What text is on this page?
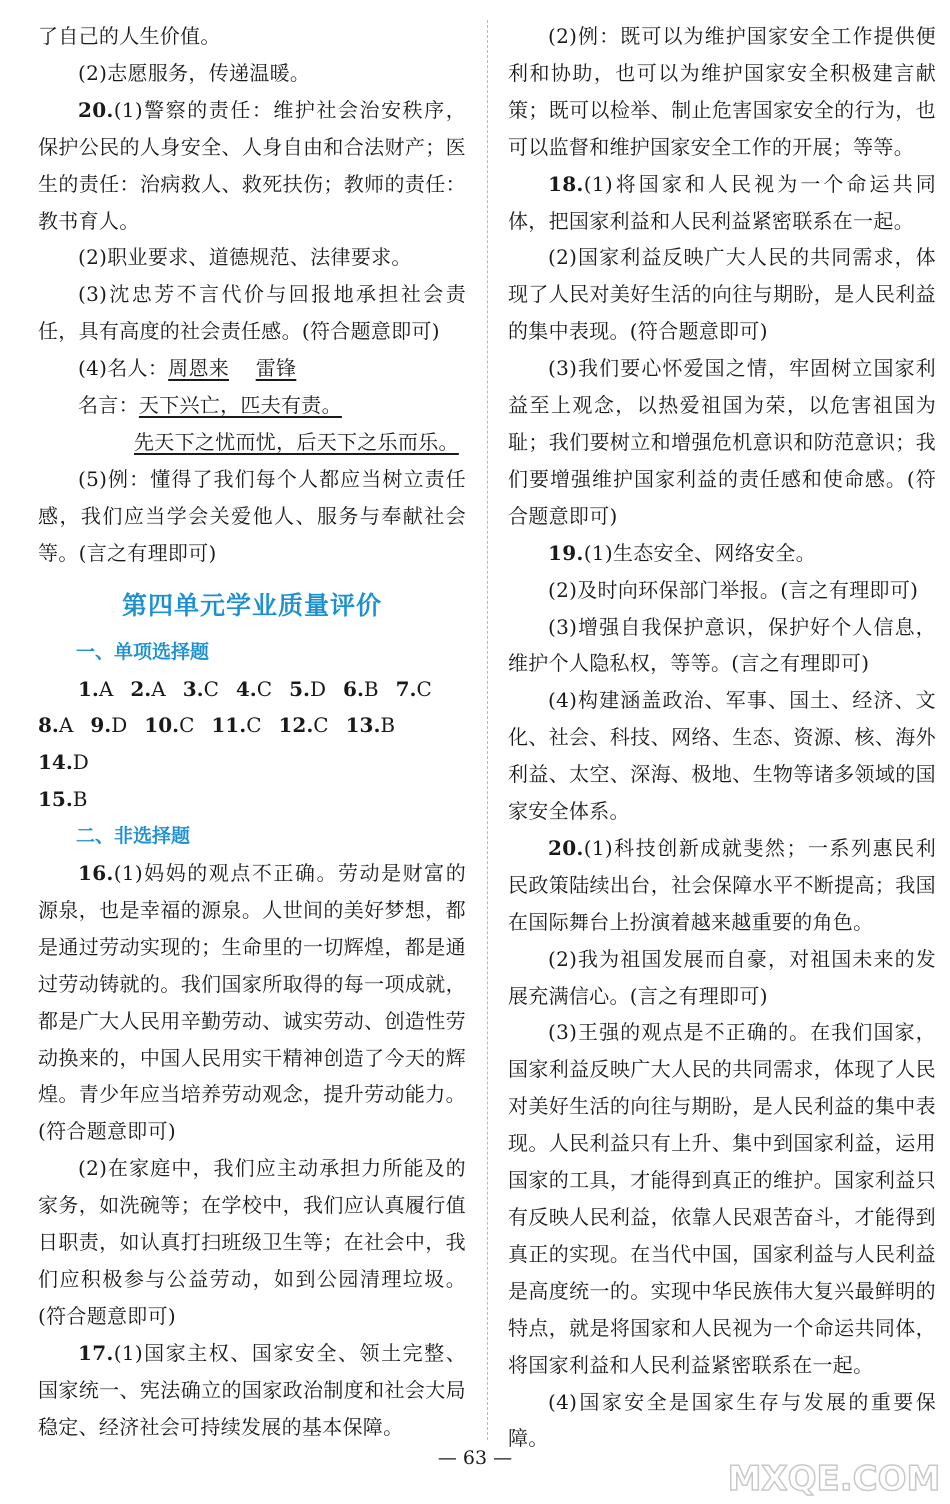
了自己的人生价值。

(2)志愿服务，传递温暖。

20.(1)警察的责任：维护社会治安秩序，保护公民的人身安全、人身自由和合法财产；医生的责任：治病救人、救死扶伤；教师的责任：教书育人。

(2)职业要求、道德规范、法律要求。

(3)沈忠芳不言代价与回报地承担社会责任，具有高度的社会责任感。(符合题意即可)

(4)名人：周恩来 雷锋

名言：天下兴亡，匹夫有责。

先天下之忧而忧，后天下之乐而乐。

(5)例：懂得了我们每个人都应当树立责任感，我们应当学会关爱他人、服务与奉献社会等。(言之有理即可)

第四单元学业质量评价

一、单项选择题

1.A 2.A 3.C 4.C 5.D 6.B 7.C
8.A 9.D 10.C 11.C 12.C 13.B14.D
15.B

二、非选择题

16.(1)妈妈的观点不正确。劳动是财富的源泉，也是幸福的源泉。人世间的美好梦想，都是通过劳动实现的；生命里的一切辉煌，都是通过劳动铸就的。我们国家所取得的每一项成就，都是广大人民用辛勤劳动、诚实劳动、创造性劳动换来的，中国人民用实干精神创造了今天的辉煌。青少年应当培养劳动观念，提升劳动能力。(符合题意即可)

(2)在家庭中，我们应主动承担力所能及的家务，如洗碗等；在学校中，我们应认真履行值日职责，如认真打扫班级卫生等；在社会中，我们应积极参与公益劳动，如到公园清理垃圾。(符合题意即可)

17.(1)国家主权、国家安全、领土完整、国家统一、宪法确立的国家政治制度和社会大局稳定、经济社会可持续发展的基本保障。

(2)例：既可以为维护国家安全工作提供便利和协助，也可以为维护国家安全积极建言献策；既可以检举、制止危害国家安全的行为，也可以监督和维护国家安全工作的开展；等等。

18.(1)将国家和人民视为一个命运共同体，把国家利益和人民利益紧密联系在一起。

(2)国家利益反映广大人民的共同需求，体现了人民对美好生活的向往与期盼，是人民利益的集中表现。(符合题意即可)

(3)我们要心怀爱国之情，牢固树立国家利益至上观念，以热爱祖国为荣，以危害祖国为耻；我们要树立和增强危机意识和防范意识；我们要增强维护国家利益的责任感和使命感。(符合题意即可)

19.(1)生态安全、网络安全。

(2)及时向环保部门举报。(言之有理即可)

(3)增强自我保护意识，保护好个人信息，维护个人隐私权，等等。(言之有理即可)

(4)构建涵盖政治、军事、国土、经济、文化、社会、科技、网络、生态、资源、核、海外利益、太空、深海、极地、生物等诸多领域的国家安全体系。

20.(1)科技创新成就斐然；一系列惠民利民政策陆续出台，社会保障水平不断提高；我国在国际舞台上扮演着越来越重要的角色。

(2)我为祖国发展而自豪，对祖国未来的发展充满信心。(言之有理即可)

(3)王强的观点是不正确的。在我们国家，国家利益反映广大人民的共同需求，体现了人民对美好生活的向往与期盼，是人民利益的集中表现。人民利益只有上升、集中到国家利益，运用国家的工具，才能得到真正的维护。国家利益只有反映人民利益，依靠人民艰苦奋斗，才能得到真正的实现。在当代中国，国家利益与人民利益是高度统一的。实现中华民族伟大复兴最鲜明的特点，就是将国家和人民视为一个命运共同体，将国家利益和人民利益紧密联系在一起。

(4)国家安全是国家生存与发展的重要保障。

— 63 —
MXQE.COM
